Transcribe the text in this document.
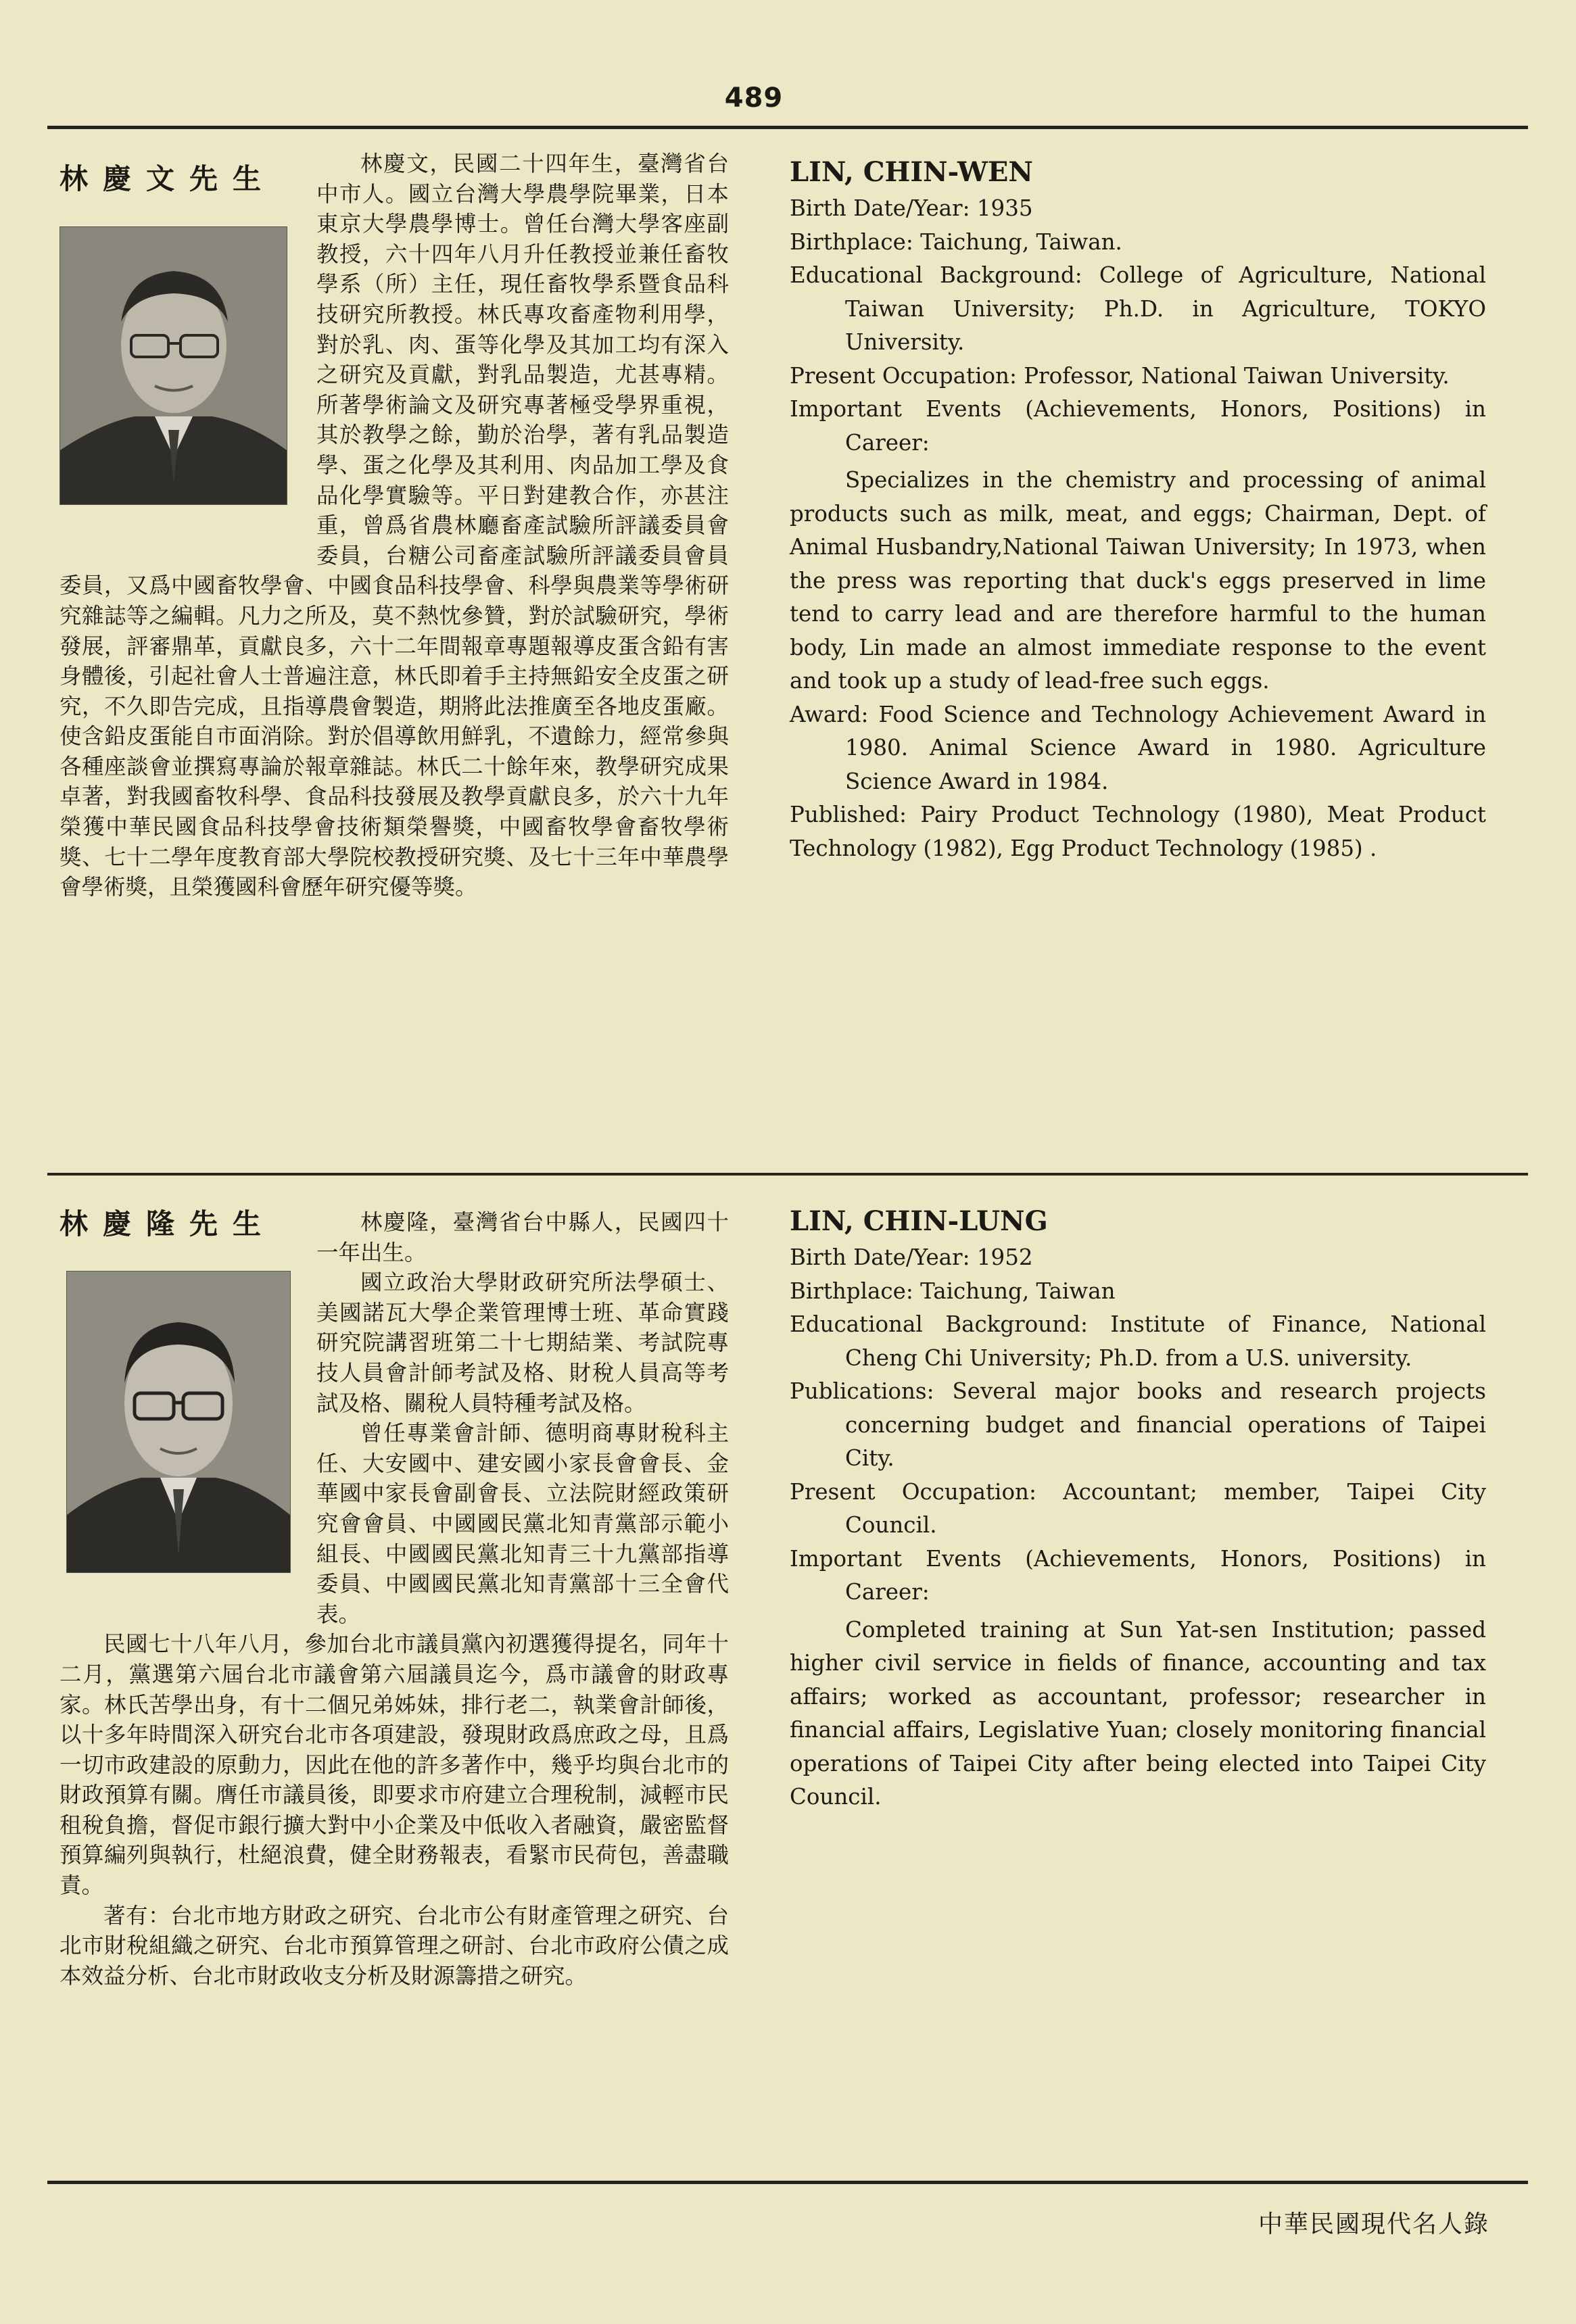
489
林慶文先生	林慶文，民國二十四年生，臺灣省台中市人。國立台灣大學農學院畢業，日本東京大學農學博士。曾任台灣大學客座副教授，六十四年八月升任教授並兼任畜牧學系（所）主任，現任畜牧學系暨食品科技研究所教授。林氏專攻畜產物利用學，對於乳、肉、蛋等化學及其加工均有深入之研究及貢獻，對乳品製造，尤甚專精。所著學術論文及研究專著極受學界重視，其於教學之餘，勤於治學，著有乳品製造學、蛋之化學及其利用、肉品加工學及食品化學實驗等。平日對建教合作，亦甚注重，曾爲省農林廳畜產試驗所評議委員會委員，台糖公司畜產試驗所評議委員會員委員，又爲中國畜牧學會、中國食品科技學會、科學與農業等學術研究雜誌等之編輯。凡力之所及，莫不熱忱參贊，對於試驗研究，學術發展，評審鼎革，貢獻良多，六十二年間報章專題報導皮蛋含鉛有害身體後，引起社會人士普遍注意，林氏即着手主持無鉛安全皮蛋之研究，不久即告完成，且指導農會製造，期將此法推廣至各地皮蛋廠。使含鉛皮蛋能自市面消除。對於倡導飲用鮮乳，不遺餘力，經常參與各種座談會並撰寫專論於報章雜誌。林氏二十餘年來，教學研究成果卓著，對我國畜牧科學、食品科技發展及教學貢獻良多，於六十九年榮獲中華民國食品科技學會技術類榮譽獎，中國畜牧學會畜牧學術獎、七十二學年度教育部大學院校教授研究獎、及七十三年中華農學會學術獎，且榮獲國科會歷年研究優等獎。

LIN, CHIN-WEN

Birth Date/Year: 1935

Birthplace: Taichung, Taiwan.

Educational Background: College of Agriculture, National Taiwan University; Ph.D. in Agriculture, TOKYO University.

Present Occupation: Professor, National Taiwan University.

Important Events (Achievements, Honors, Positions) in Career:

Specializes in the chemistry and processing of animal products such as milk, meat, and eggs; Chairman, Dept. of Animal Husbandry,National Taiwan University; In 1973, when the press was reporting that duck's eggs preserved in lime tend to carry lead and are therefore harmful to the human body, Lin made an almost immediate response to the event and took up a study of lead-free such eggs.

Award: Food Science and Technology Achievement Award in 1980. Animal Science Award in 1980. Agriculture Science Award in 1984.

Published: Pairy Product Technology (1980), Meat Product Technology (1982), Egg Product Technology (1985) .

林慶隆先生	林慶隆，臺灣省台中縣人，民國四十一年出生。

國立政治大學財政研究所法學碩士、美國諾瓦大學企業管理博士班、革命實踐研究院講習班第二十七期結業、考試院專技人員會計師考試及格、財稅人員高等考試及格、關稅人員特種考試及格。

曾任專業會計師、德明商專財稅科主任、大安國中、建安國小家長會會長、金華國中家長會副會長、立法院財經政策研究會會員、中國國民黨北知青黨部示範小組長、中國國民黨北知青三十九黨部指導委員、中國國民黨北知青黨部十三全會代表。

民國七十八年八月，參加台北市議員黨內初選獲得提名，同年十二月，黨選第六屆台北市議會第六屆議員迄今，爲市議會的財政專家。林氏苦學出身，有十二個兄弟姊妹，排行老二，執業會計師後，以十多年時間深入研究台北市各項建設，發現財政爲庶政之母，且爲一切市政建設的原動力，因此在他的許多著作中，幾乎均與台北市的財政預算有關。膺任市議員後，即要求市府建立合理稅制，減輕市民租稅負擔，督促市銀行擴大對中小企業及中低收入者融資，嚴密監督預算編列與執行，杜絕浪費，健全財務報表，看緊市民荷包，善盡職責。

著有：台北市地方財政之研究、台北市公有財產管理之研究、台北市財稅組織之研究、台北市預算管理之研討、台北市政府公債之成本效益分析、台北市財政收支分析及財源籌措之研究。

LIN, CHIN-LUNG

Birth Date/Year: 1952

Birthplace: Taichung, Taiwan

Educational Background: Institute of Finance, National Cheng Chi University; Ph.D. from a U.S. university.

Publications: Several major books and research projects concerning budget and financial operations of Taipei City.

Present Occupation: Accountant; member, Taipei City Council.

Important Events (Achievements, Honors, Positions) in Career:

Completed training at Sun Yat-sen Institution; passed higher civil service in fields of finance, accounting and tax affairs; worked as accountant, professor; researcher in financial affairs, Legislative Yuan; closely monitoring financial operations of Taipei City after being elected into Taipei City Council.

中華民國現代名人錄
